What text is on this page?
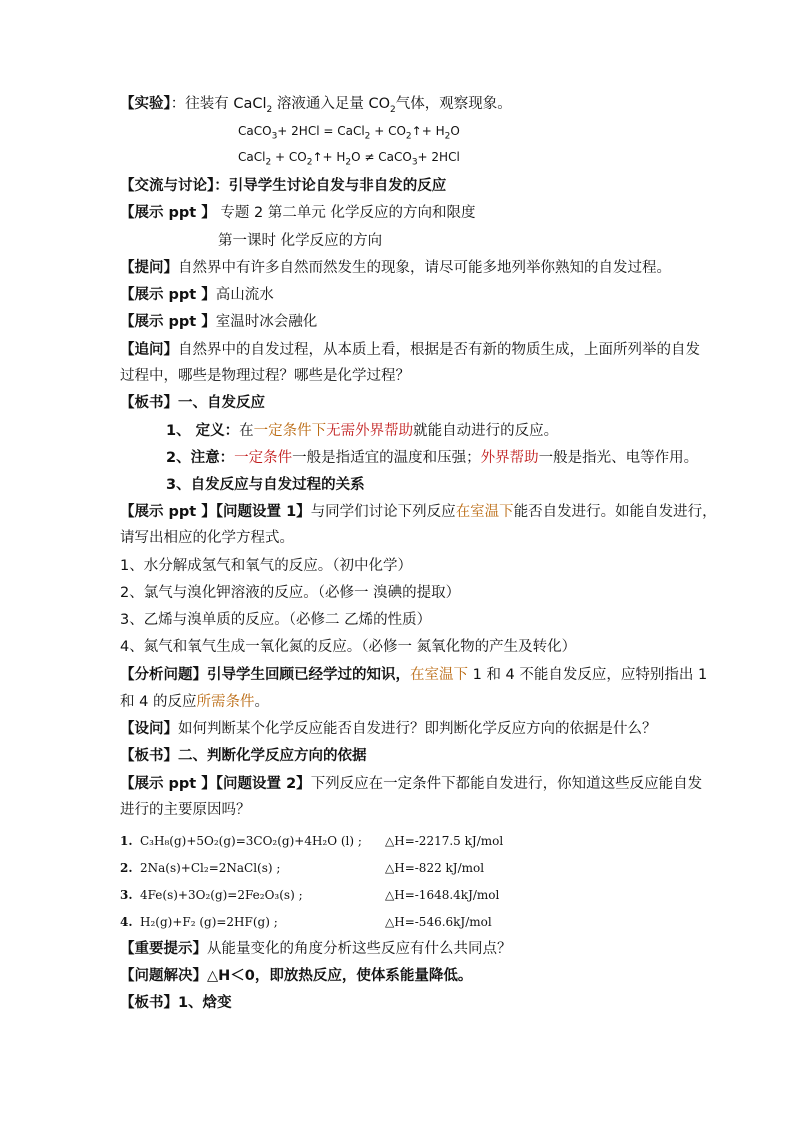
【实验】：往装有 CaCl$_2$ 溶液通入足量 $CO_2$气体，观察现象。
CaCO$_3$+ 2HCl = CaCl$_2$ + $CO_2↑+ H_2O$
CaCl$_2$ + $CO_2↑+ H_2O$ ≠ CaCO$_3$+ 2HCl
【交流与讨论】：引导学生讨论自发与非自发的反应
【展示 ppt 】 专题 2 第二单元 化学反应的方向和限度
第一课时 化学反应的方向
【提问】自然界中有许多自然而然发生的现象，请尽可能多地列举你熟知的自发过程。
【展示 ppt 】高山流水
【展示 ppt 】室温时冰会融化
【追问】自然界中的自发过程，从本质上看，根据是否有新的物质生成，上面所列举的自发
过程中，哪些是物理过程？哪些是化学过程？
【板书】一、自发反应
1、 定义：在一定条件下无需外界帮助就能自动进行的反应。
2、注意：一定条件一般是指适宜的温度和压强；外界帮助一般是指光、电等作用。
3、自发反应与自发过程的关系
【展示 ppt 】【问题设置 1】与同学们讨论下列反应在室温下能否自发进行。如能自发进行，
请写出相应的化学方程式。
1、水分解成氢气和氧气的反应。（初中化学）
2、氯气与溴化钾溶液的反应。（必修一 溴碘的提取）
3、乙烯与溴单质的反应。（必修二 乙烯的性质）
4、氮气和氧气生成一氧化氮的反应。（必修一 氮氧化物的产生及转化）
【分析问题】引导学生回顾已经学过的知识，在室温下 1 和 4 不能自发反应，应特别指出 1
和 4 的反应所需条件。
【设问】如何判断某个化学反应能否自发进行？即判断化学反应方向的依据是什么？
【板书】二、判断化学反应方向的依据
【展示 ppt 】【问题设置 2】下列反应在一定条件下都能自发进行，你知道这些反应能自发
进行的主要原因吗？
1. C₃H₈(g)+5O₂(g)=3CO₂(g)+4H₂O (l) ; △H=-2217.5 kJ/mol
2. 2Na(s)+Cl₂=2NaCl(s) ;	△H=-822 kJ/mol
3. 4Fe(s)+3O₂(g)=2Fe₂O₃(s) ;	△H=-1648.4kJ/mol
4. H₂(g)+F₂ (g)=2HF(g) ;	△H=-546.6kJ/mol
【重要提示】从能量变化的角度分析这些反应有什么共同点？
【问题解决】△H＜0，即放热反应，使体系能量降低。
【板书】1、焓变
